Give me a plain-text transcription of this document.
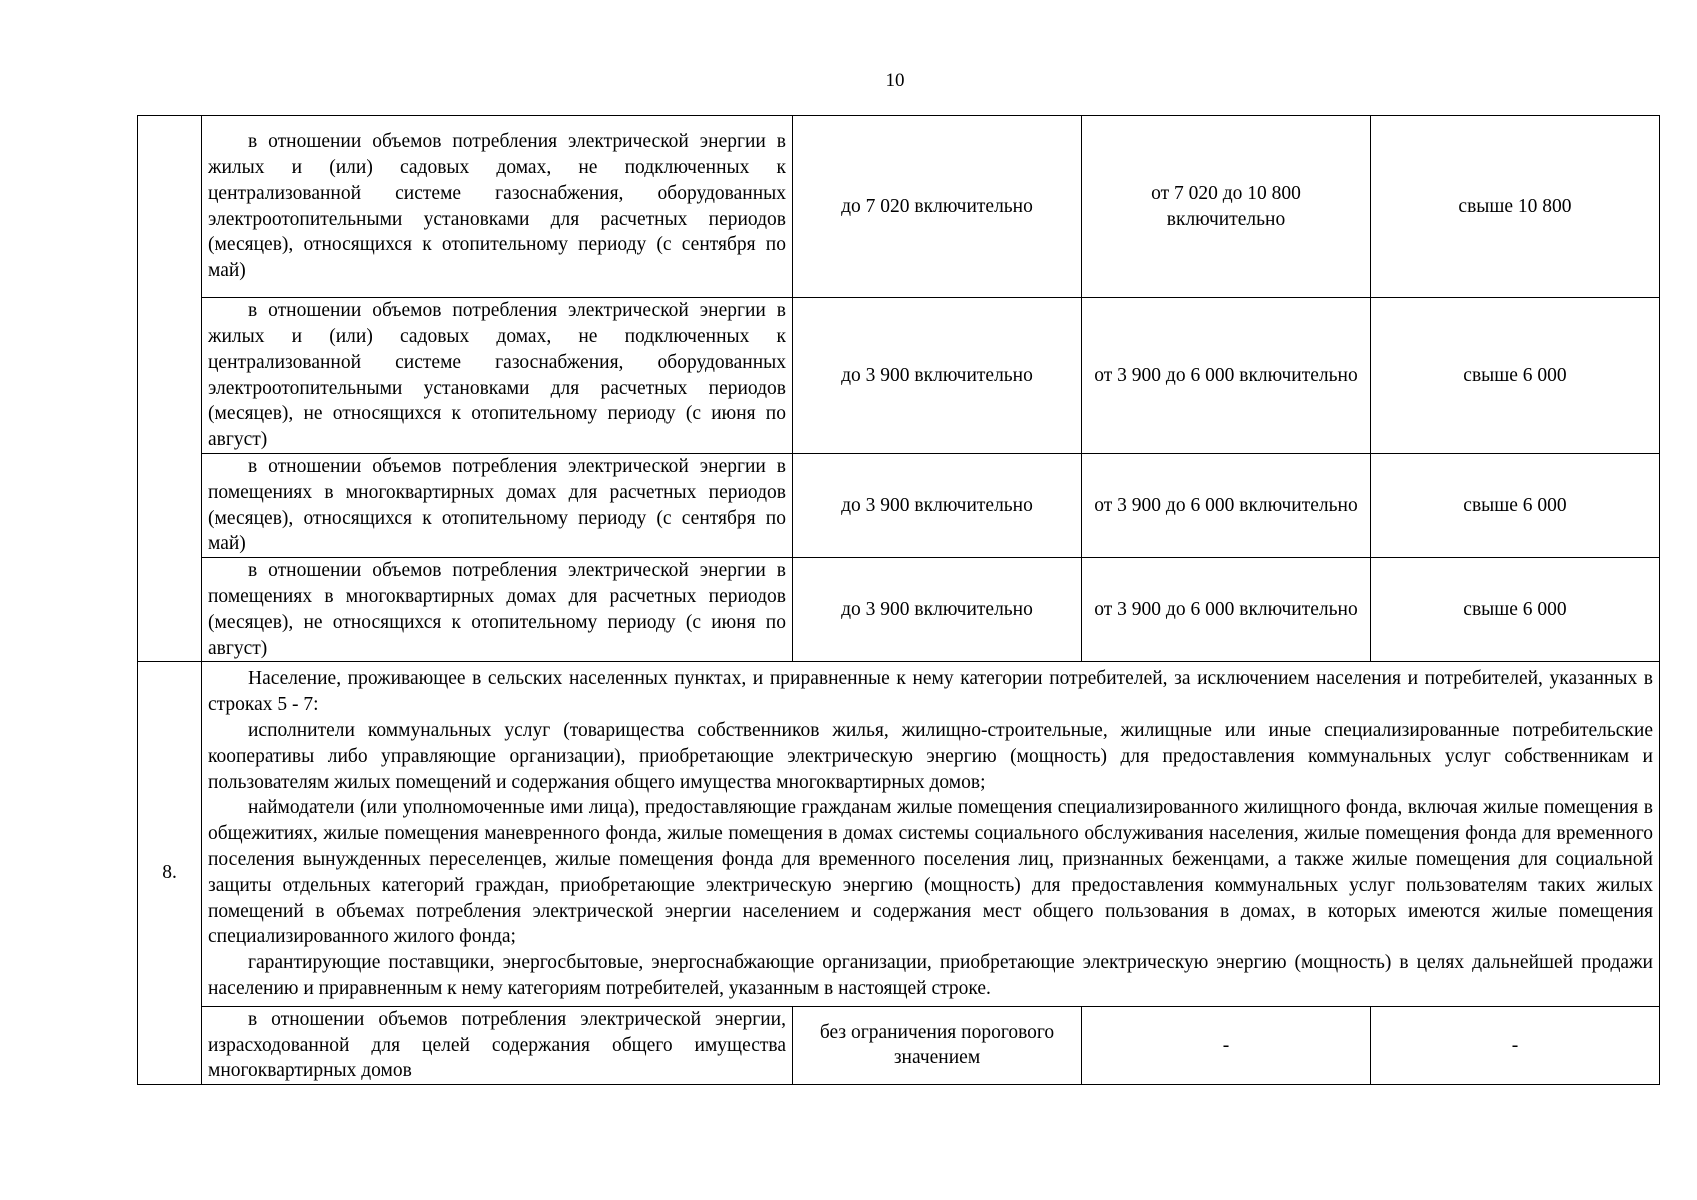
10
	в отношении объемов потребления электрической энергии в жилых и (или) садовых домах, не подключенных к централизованной системе газоснабжения, оборудованных электроотопительными установками для расчетных периодов (месяцев), относящихся к отопительному периоду (с сентября по май)	до 7 020 включительно	от 7 020 до 10 800 включительно	свыше 10 800
	в отношении объемов потребления электрической энергии в жилых и (или) садовых домах, не подключенных к централизованной системе газоснабжения, оборудованных электроотопительными установками для расчетных периодов (месяцев), не относящихся к отопительному периоду (с июня по август)	до 3 900 включительно	от 3 900 до 6 000 включительно	свыше 6 000
	в отношении объемов потребления электрической энергии в помещениях в многоквартирных домах для расчетных периодов (месяцев), относящихся к отопительному периоду (с сентября по май)	до 3 900 включительно	от 3 900 до 6 000 включительно	свыше 6 000
	в отношении объемов потребления электрической энергии в помещениях в многоквартирных домах для расчетных периодов (месяцев), не относящихся к отопительному периоду (с июня по август)	до 3 900 включительно	от 3 900 до 6 000 включительно	свыше 6 000
8.	Население, проживающее в сельских населенных пунктах, и приравненные к нему категории потребителей, за исключением населения и потребителей, указанных в строках 5 - 7:

исполнители коммунальных услуг (товарищества собственников жилья, жилищно-строительные, жилищные или иные специализированные потребительские кооперативы либо управляющие организации), приобретающие электрическую энергию (мощность) для предоставления коммунальных услуг собственникам и пользователям жилых помещений и содержания общего имущества многоквартирных домов;

наймодатели (или уполномоченные ими лица), предоставляющие гражданам жилые помещения специализированного жилищного фонда, включая жилые помещения в общежитиях, жилые помещения маневренного фонда, жилые помещения в домах системы социального обслуживания населения, жилые помещения фонда для временного поселения вынужденных переселенцев, жилые помещения фонда для временного поселения лиц, признанных беженцами, а также жилые помещения для социальной защиты отдельных категорий граждан, приобретающие электрическую энергию (мощность) для предоставления коммунальных услуг пользователям таких жилых помещений в объемах потребления электрической энергии населением и содержания мест общего пользования в домах, в которых имеются жилые помещения специализированного жилого фонда;

гарантирующие поставщики, энергосбытовые, энергоснабжающие организации, приобретающие электрическую энергию (мощность) в целях дальнейшей продажи населению и приравненным к нему категориям потребителей, указанным в настоящей строке.			

	в отношении объемов потребления электрической энергии, израсходованной для целей содержания общего имущества многоквартирных домов	без ограничения порогового значением	-	-
